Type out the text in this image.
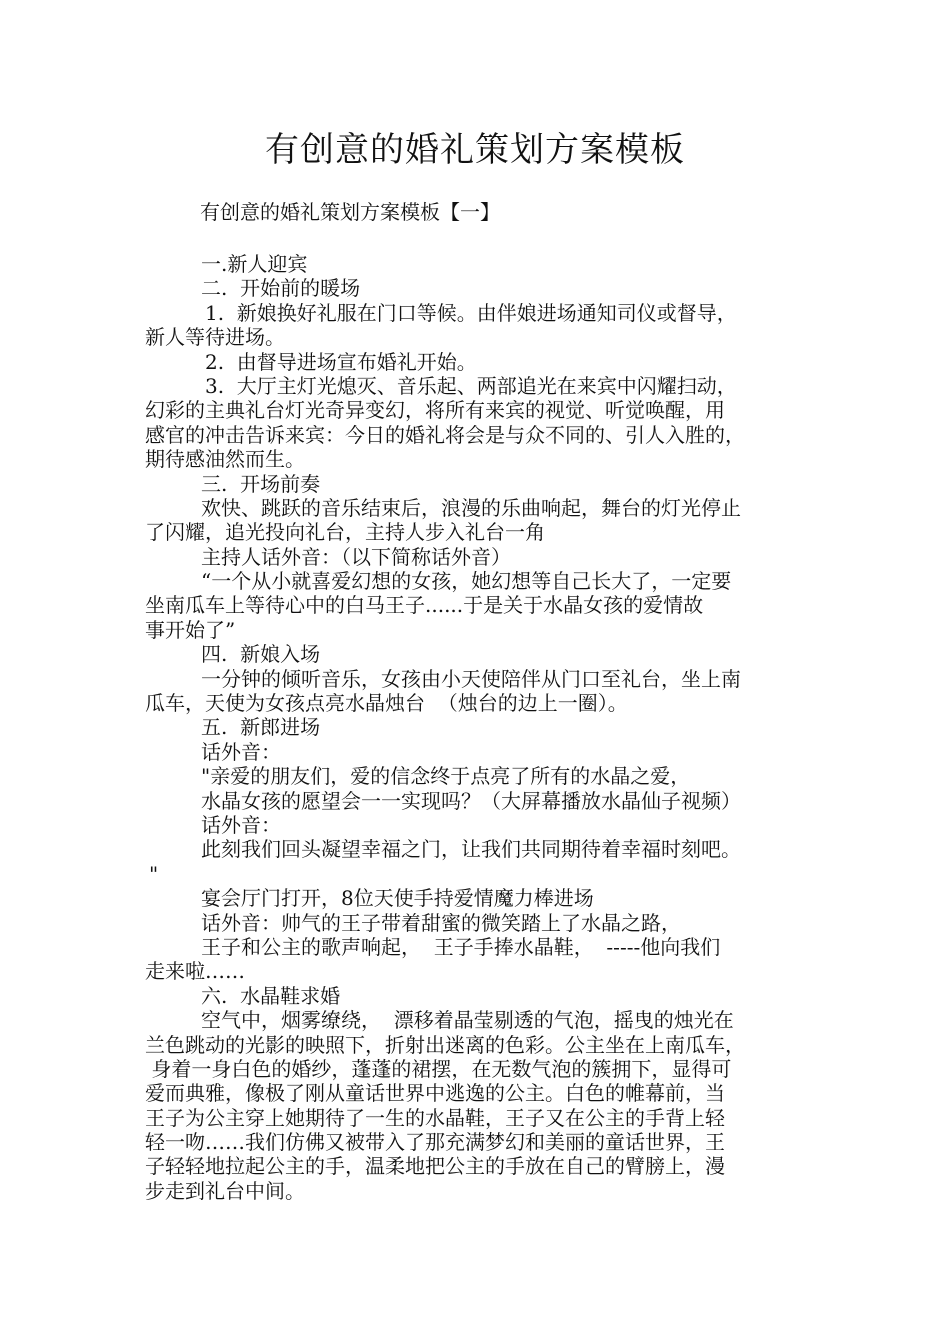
有创意的婚礼策划方案模板

有创意的婚礼策划方案模板【一】

一.新人迎宾

二.  开始前的暖场

1.  新娘换好礼服在门口等候。由伴娘进场通知司仪或督导，

新人等待进场。

2.  由督导进场宣布婚礼开始。

3.  大厅主灯光熄灭、音乐起、两部追光在来宾中闪耀扫动，

幻彩的主典礼台灯光奇异变幻，将所有来宾的视觉、听觉唤醒，用

感官的冲击告诉来宾：今日的婚礼将会是与众不同的、引人入胜的，

期待感油然而生。

三.  开场前奏

欢快、跳跃的音乐结束后，浪漫的乐曲响起，舞台的灯光停止

了闪耀，追光投向礼台，主持人步入礼台一角

主持人话外音：（以下简称话外音）

“一个从小就喜爱幻想的女孩，她幻想等自己长大了，一定要

坐南瓜车上等待心中的白马王子......于是关于水晶女孩的爱情故

事开始了”

四.  新娘入场

一分钟的倾听音乐，女孩由小天使陪伴从门口至礼台，坐上南

瓜车，天使为女孩点亮水晶烛台  （烛台的边上一圈）。

五.  新郎进场

话外音：

"亲爱的朋友们，爱的信念终于点亮了所有的水晶之爱，

水晶女孩的愿望会一一实现吗？（大屏幕播放水晶仙子视频）

话外音：

此刻我们回头凝望幸福之门，让我们共同期待着幸福时刻吧。

"

宴会厅门打开，8位天使手持爱情魔力棒进场

话外音：帅气的王子带着甜蜜的微笑踏上了水晶之路，

王子和公主的歌声响起，  王子手捧水晶鞋，  -----他向我们

走来啦……

六.  水晶鞋求婚

空气中，烟雾缭绕，  漂移着晶莹剔透的气泡，摇曳的烛光在

兰色跳动的光影的映照下，折射出迷离的色彩。公主坐在上南瓜车，

身着一身白色的婚纱，蓬蓬的裙摆，在无数气泡的簇拥下，显得可

爱而典雅，像极了刚从童话世界中逃逸的公主。白色的帷幕前，当

王子为公主穿上她期待了一生的水晶鞋，王子又在公主的手背上轻

轻一吻……我们仿佛又被带入了那充满梦幻和美丽的童话世界，王

子轻轻地拉起公主的手，温柔地把公主的手放在自己的臂膀上，漫

步走到礼台中间。
